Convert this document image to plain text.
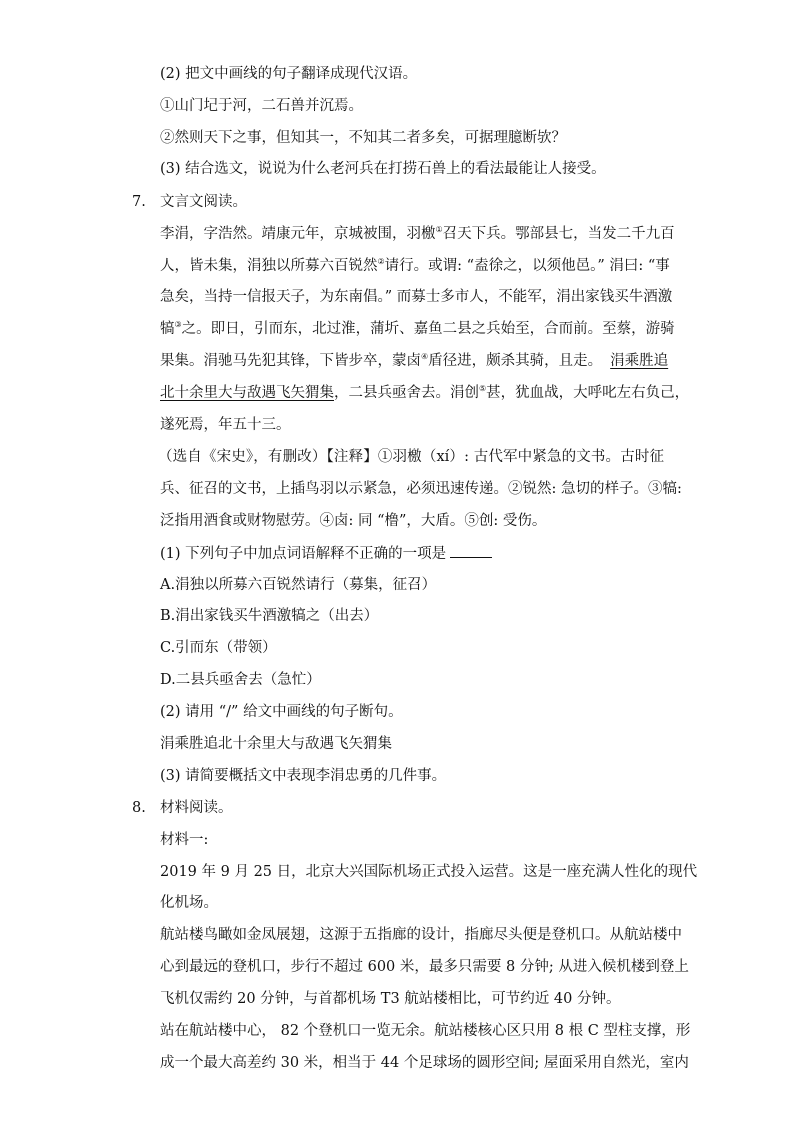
(2) 把文中画线的句子翻译成现代汉语。
①山门圮于河，二石兽并沉焉。
②然则天下之事，但知其一，不知其二者多矣，可据理臆断欤？
(3) 结合选文，说说为什么老河兵在打捞石兽上的看法最能让人接受。
7. 文言文阅读。
李涓，字浩然。靖康元年，京城被围，羽檄①召天下兵。鄂部县七，当发二千九百
人，皆未集，涓独以所募六百锐然②请行。或谓: “盍徐之，以须他邑。” 涓曰: “事
急矣，当持一信报天子，为东南倡。” 而募士多市人，不能军，涓出家钱买牛酒激
犒③之。即日，引而东，北过淮，蒲圻、嘉鱼二县之兵始至，合而前。至蔡，游骑
果集。涓驰马先犯其锋，下皆步卒，蒙卤④盾径进，颇杀其骑，且走。 涓乘胜追
北十余里大与敌遇飞矢猬集，二县兵亟舍去。涓创⑤甚，犹血战，大呼叱左右负己，
遂死焉，年五十三。
（选自《宋史》，有删改）【注释】①羽檄（xí）: 古代军中紧急的文书。古时征
兵、征召的文书，上插鸟羽以示紧急，必须迅速传递。②锐然: 急切的样子。③犒:
泛指用酒食或财物慰劳。④卤: 同 “橹”，大盾。⑤创: 受伤。
(1) 下列句子中加点词语解释不正确的一项是
A.涓独以所募六百锐然请行（募集，征召）
B.涓出家钱买牛酒激犒之（出去）
C.引而东（带领）
D.二县兵亟舍去（急忙）
(2) 请用 “/” 给文中画线的句子断句。
涓乘胜追北十余里大与敌遇飞矢猬集
(3) 请简要概括文中表现李涓忠勇的几件事。
8. 材料阅读。
材料一:
2019 年 9 月 25 日，北京大兴国际机场正式投入运营。这是一座充满人性化的现代
化机场。
航站楼鸟瞰如金凤展翅，这源于五指廊的设计，指廊尽头便是登机口。从航站楼中
心到最远的登机口，步行不超过 600 米，最多只需要 8 分钟; 从进入候机楼到登上
飞机仅需约 20 分钟，与首都机场 T3 航站楼相比，可节约近 40 分钟。
站在航站楼中心， 82 个登机口一览无余。航站楼核心区只用 8 根 C 型柱支撑，形
成一个最大高差约 30 米，相当于 44 个足球场的圆形空间; 屋面采用自然光，室内
